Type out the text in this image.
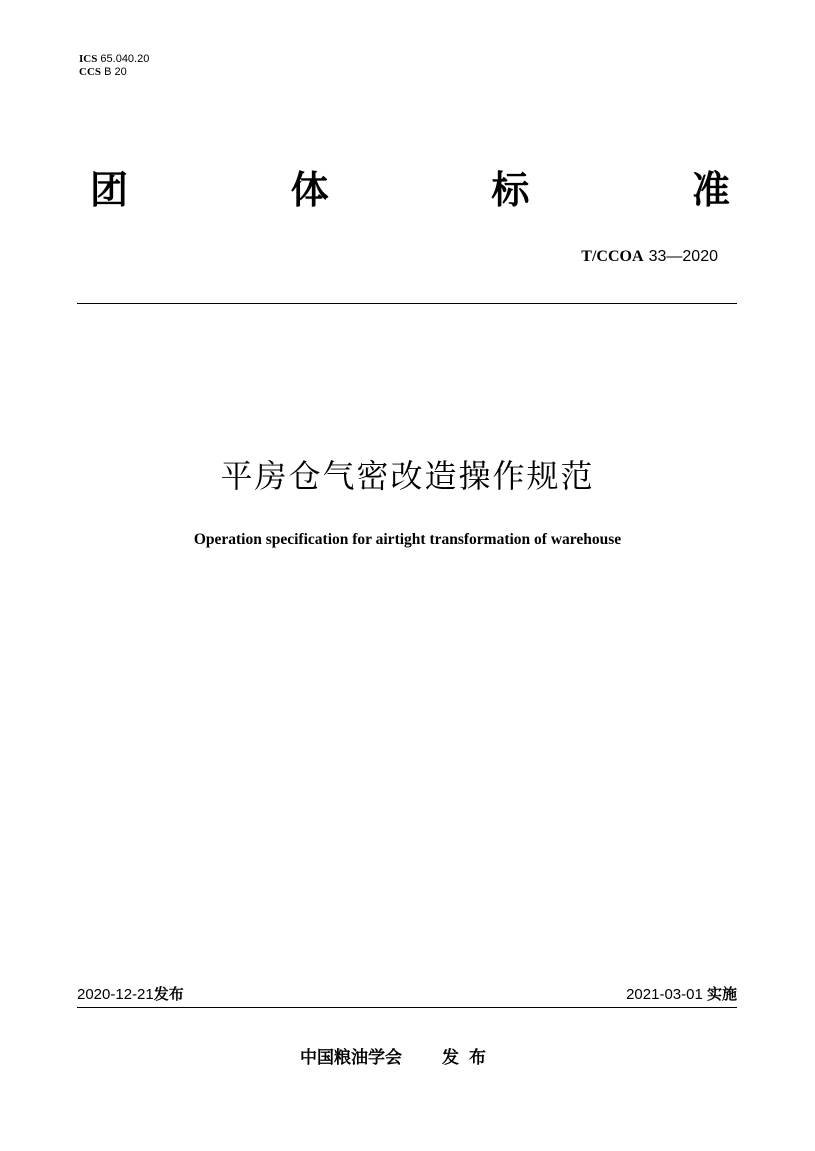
ICS 65.040.20
CCS B 20
团	体	标	准
T/CCOA 33—2020
平房仓气密改造操作规范
Operation specification for airtight transformation of warehouse
2020-12-21发布	2021-03-01 实施
中国粮油学会 发布
